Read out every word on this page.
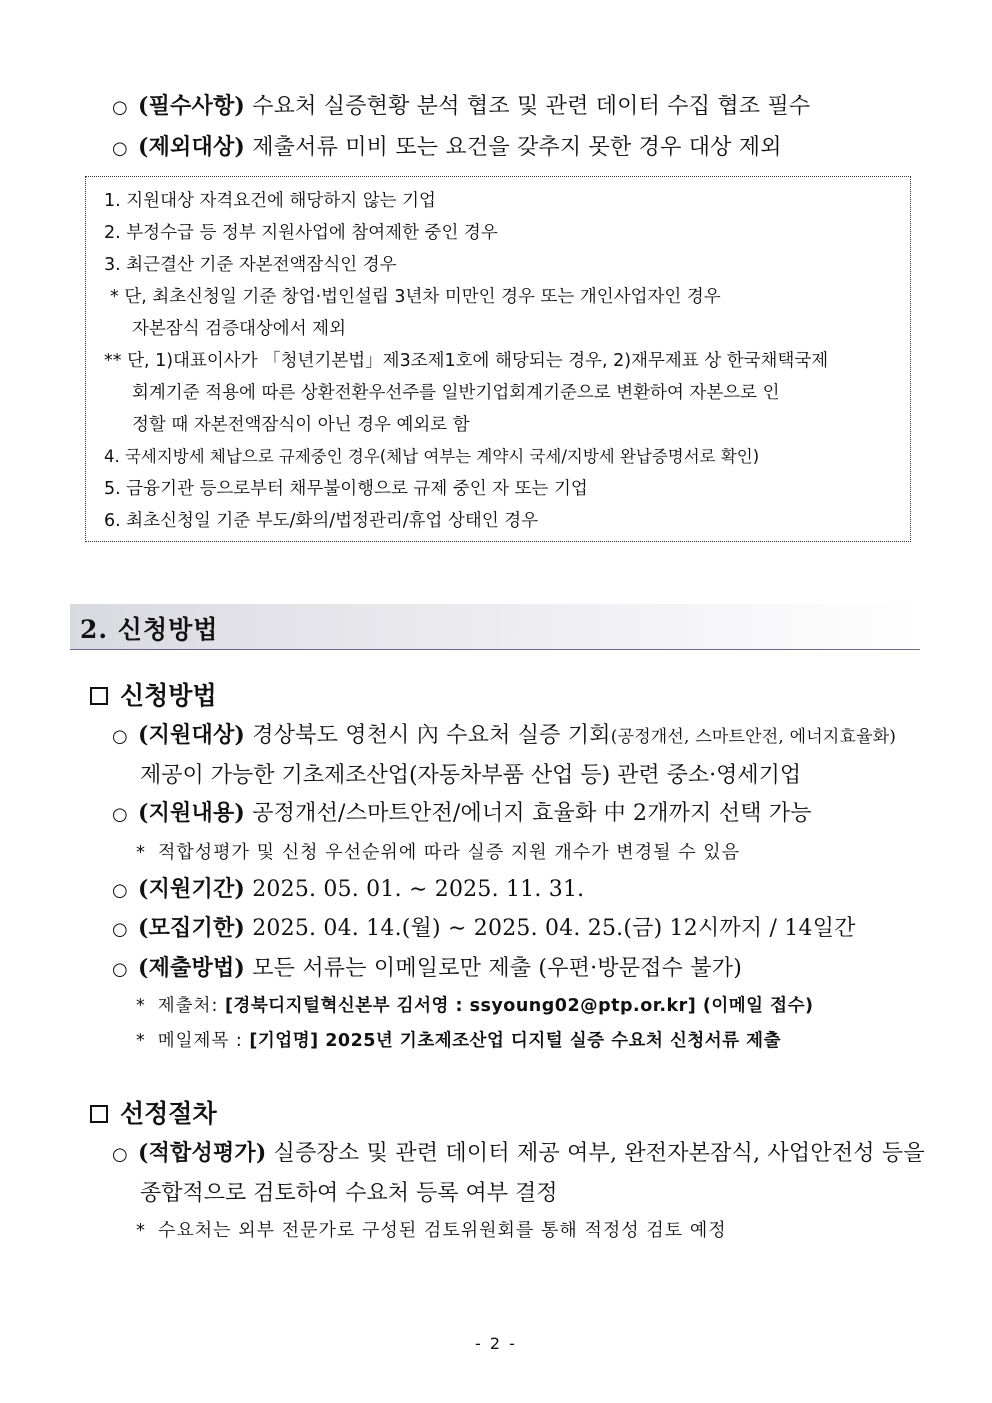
○ (필수사항) 수요처 실증현황 분석 협조 및 관련 데이터 수집 협조 필수
○ (제외대상) 제출서류 미비 또는 요건을 갖추지 못한 경우 대상 제외
1. 지원대상 자격요건에 해당하지 않는 기업
2. 부정수급 등 정부 지원사업에 참여제한 중인 경우
3. 최근결산 기준 자본전액잠식인 경우
* 단, 최초신청일 기준 창업·법인설립 3년차 미만인 경우 또는 개인사업자인 경우
자본잠식 검증대상에서 제외
** 단, 1)대표이사가 「청년기본법」제3조제1호에 해당되는 경우, 2)재무제표 상 한국채택국제
회계기준 적용에 따른 상환전환우선주를 일반기업회계기준으로 변환하여 자본으로 인
정할 때 자본전액잠식이 아닌 경우 예외로 함
4. 국세지방세 체납으로 규제중인 경우(체납 여부는 계약시 국세/지방세 완납증명서로 확인)
5. 금융기관 등으로부터 채무불이행으로 규제 중인 자 또는 기업
6. 최초신청일 기준 부도/화의/법정관리/휴업 상태인 경우
2. 신청방법
신청방법
○ (지원대상) 경상북도 영천시 內 수요처 실증 기회(공정개선, 스마트안전, 에너지효율화)
제공이 가능한 기초제조산업(자동차부품 산업 등) 관련 중소·영세기업
○ (지원내용) 공정개선/스마트안전/에너지 효율화 中 2개까지 선택 가능
* 적합성평가 및 신청 우선순위에 따라 실증 지원 개수가 변경될 수 있음
○ (지원기간) 2025. 05. 01. ∼ 2025. 11. 31.
○ (모집기한) 2025. 04. 14.(월) ∼ 2025. 04. 25.(금) 12시까지 / 14일간
○ (제출방법) 모든 서류는 이메일로만 제출 (우편·방문접수 불가)
* 제출처: [경북디지털혁신본부 김서영 : ssyoung02@ptp.or.kr] (이메일 접수)
* 메일제목 : [기업명] 2025년 기초제조산업 디지털 실증 수요처 신청서류 제출
선정절차
○ (적합성평가) 실증장소 및 관련 데이터 제공 여부, 완전자본잠식, 사업안전성 등을
종합적으로 검토하여 수요처 등록 여부 결정
* 수요처는 외부 전문가로 구성된 검토위원회를 통해 적정성 검토 예정
- 2 -
